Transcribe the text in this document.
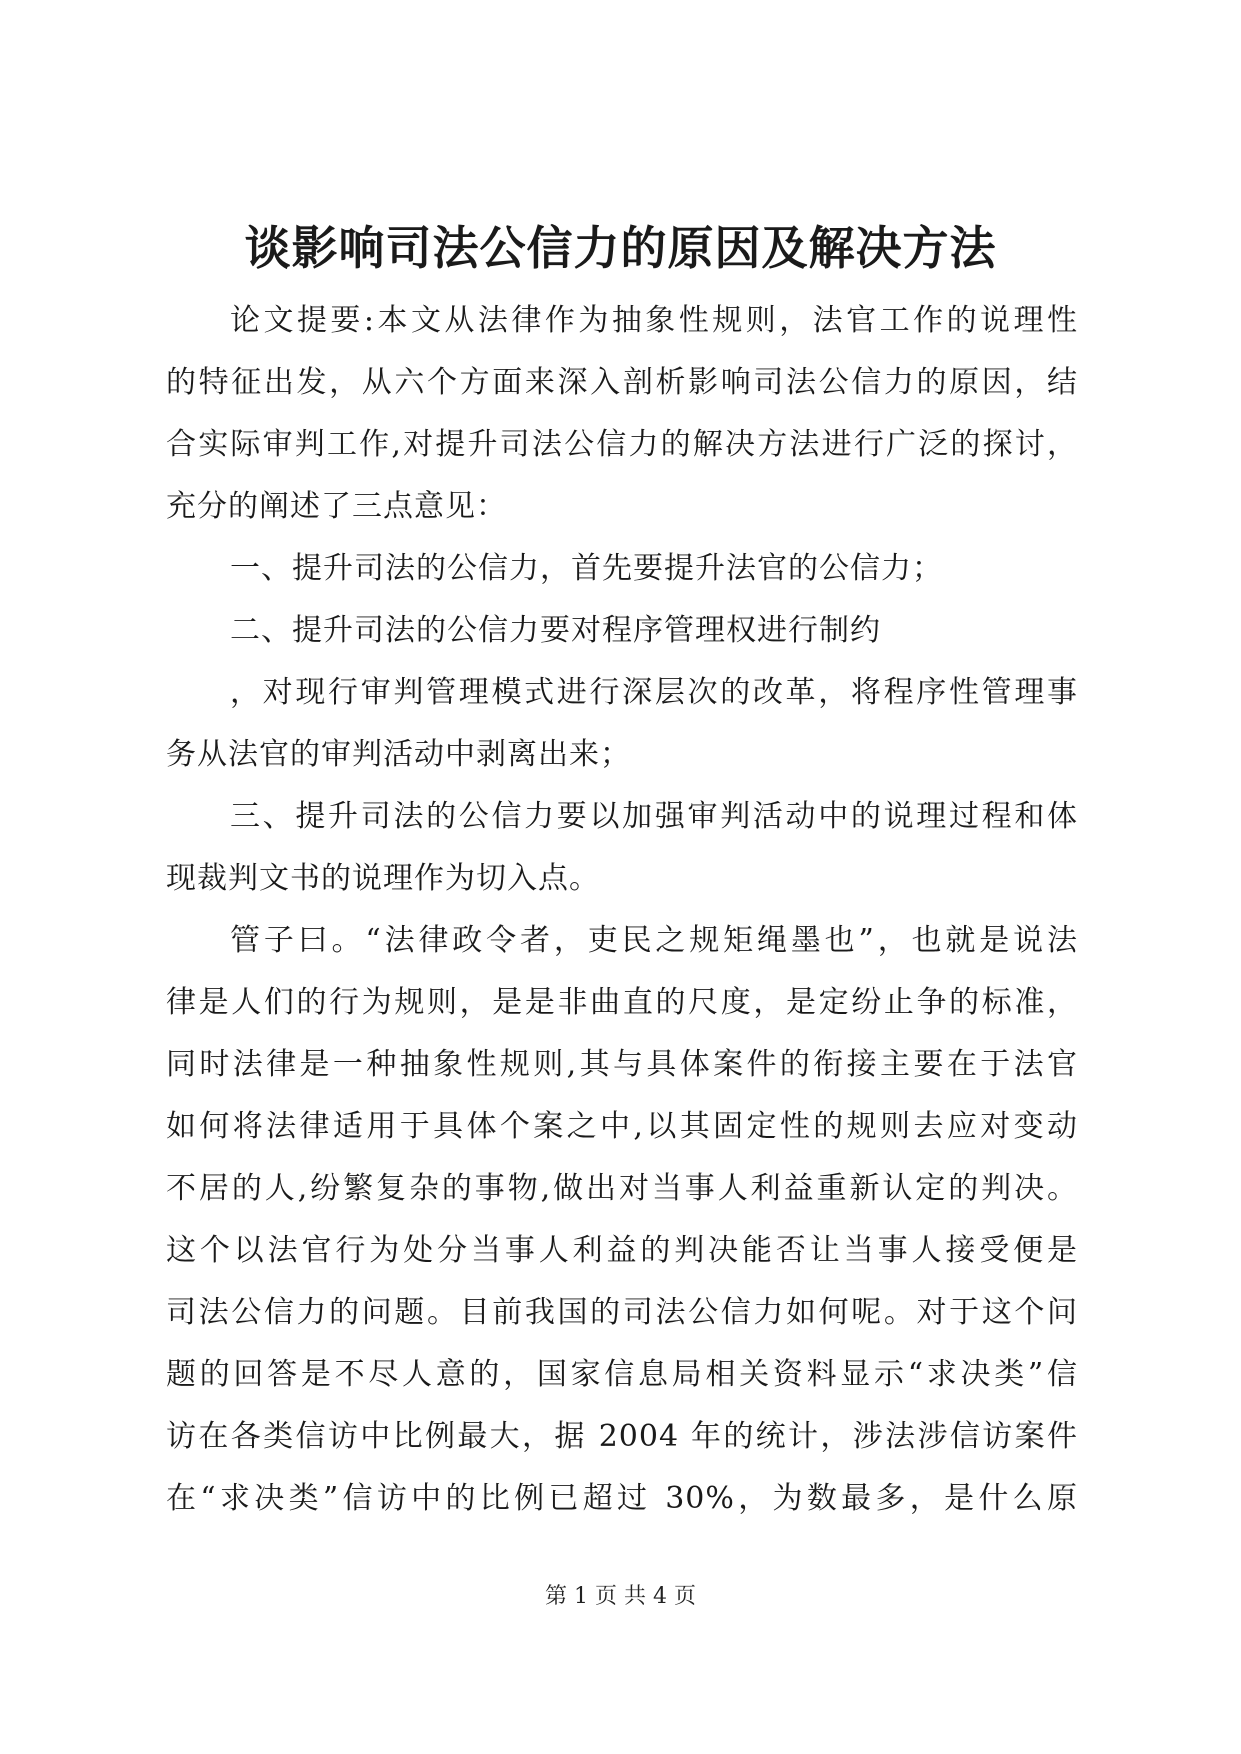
谈影响司法公信力的原因及解决方法
论文提要:本文从法律作为抽象性规则，法官工作的说理性
的特征出发，从六个方面来深入剖析影响司法公信力的原因，结
合实际审判工作,对提升司法公信力的解决方法进行广泛的探讨，
充分的阐述了三点意见：
一、提升司法的公信力，首先要提升法官的公信力；
二、提升司法的公信力要对程序管理权进行制约
，对现行审判管理模式进行深层次的改革，将程序性管理事
务从法官的审判活动中剥离出来；
三、提升司法的公信力要以加强审判活动中的说理过程和体
现裁判文书的说理作为切入点。
管子曰。“法律政令者，吏民之规矩绳墨也”，也就是说法
律是人们的行为规则，是是非曲直的尺度，是定纷止争的标准，
同时法律是一种抽象性规则,其与具体案件的衔接主要在于法官
如何将法律适用于具体个案之中,以其固定性的规则去应对变动
不居的人,纷繁复杂的事物,做出对当事人利益重新认定的判决。
这个以法官行为处分当事人利益的判决能否让当事人接受便是
司法公信力的问题。目前我国的司法公信力如何呢。对于这个问
题的回答是不尽人意的，国家信息局相关资料显示“求决类”信
访在各类信访中比例最大，据 2004 年的统计，涉法涉信访案件
在“求决类”信访中的比例已超过 30%，为数最多，是什么原
第 1 页 共 4 页
